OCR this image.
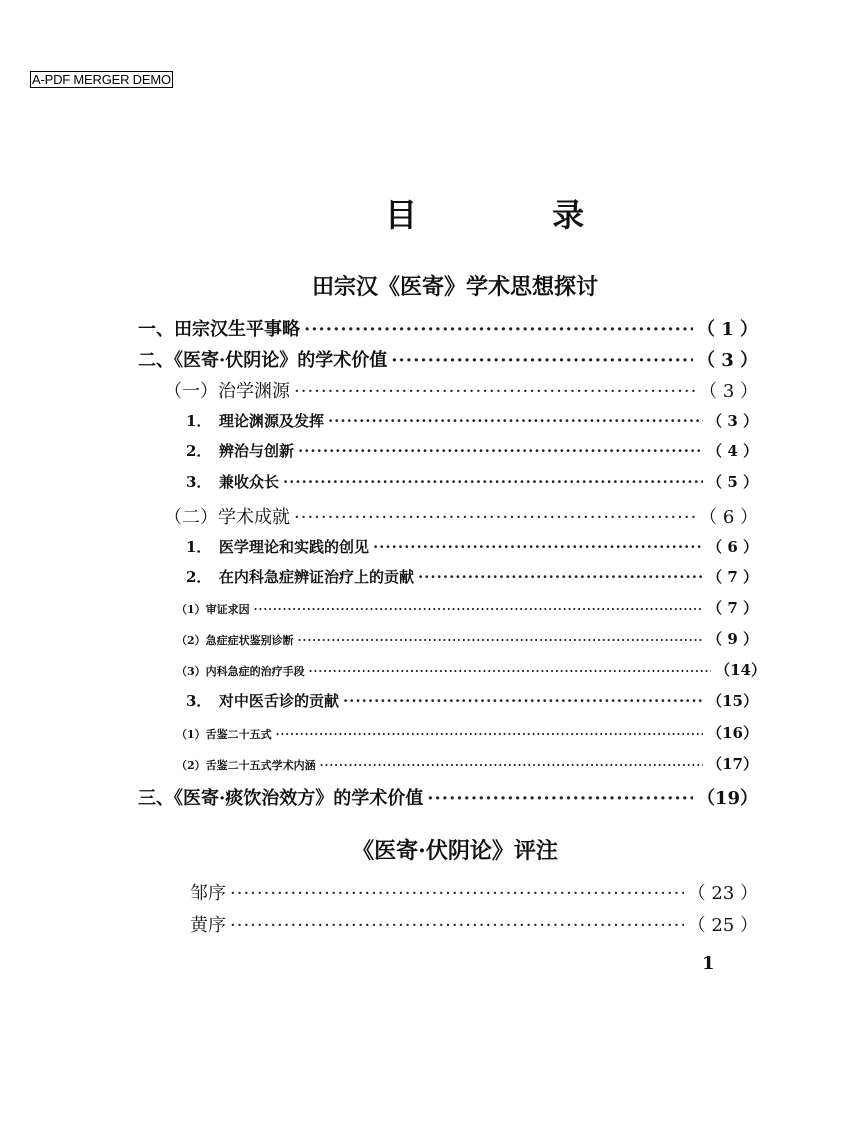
A-PDF MERGER DEMO
目 录
田宗汉《医寄》学术思想探讨
一、田宗汉生平事略 ·····	（ 1 ）
二、《医寄·伏阴论》的学术价值 ·····	（ 3 ）
（一）治学渊源 ·····	（ 3 ）
1．　理论渊源及发挥 ·····	（ 3 ）
2．　辨治与创新 ·····	（ 4 ）
3．　兼收众长 ·····	（ 5 ）
（二）学术成就 ·····	（ 6 ）
1．　医学理论和实践的创见 ·····	（ 6 ）
2．　在内科急症辨证治疗上的贡献 ·····	（ 7 ）
（1）审证求因 ·····	（ 7 ）
（2）急症症状鉴别诊断 ·····	（ 9 ）
（3）内科急症的治疗手段 ·····	（14）
3．　对中医舌诊的贡献 ·····	（15）
（1）舌鉴二十五式 ·····	（16）
（2）舌鉴二十五式学术内涵 ·····	（17）
三、《医寄·痰饮治效方》的学术价值 ·····	（19）
《医寄·伏阴论》评注
邹序 ·····	（ 23 ）
黄序 ·····	（ 25 ）
1
